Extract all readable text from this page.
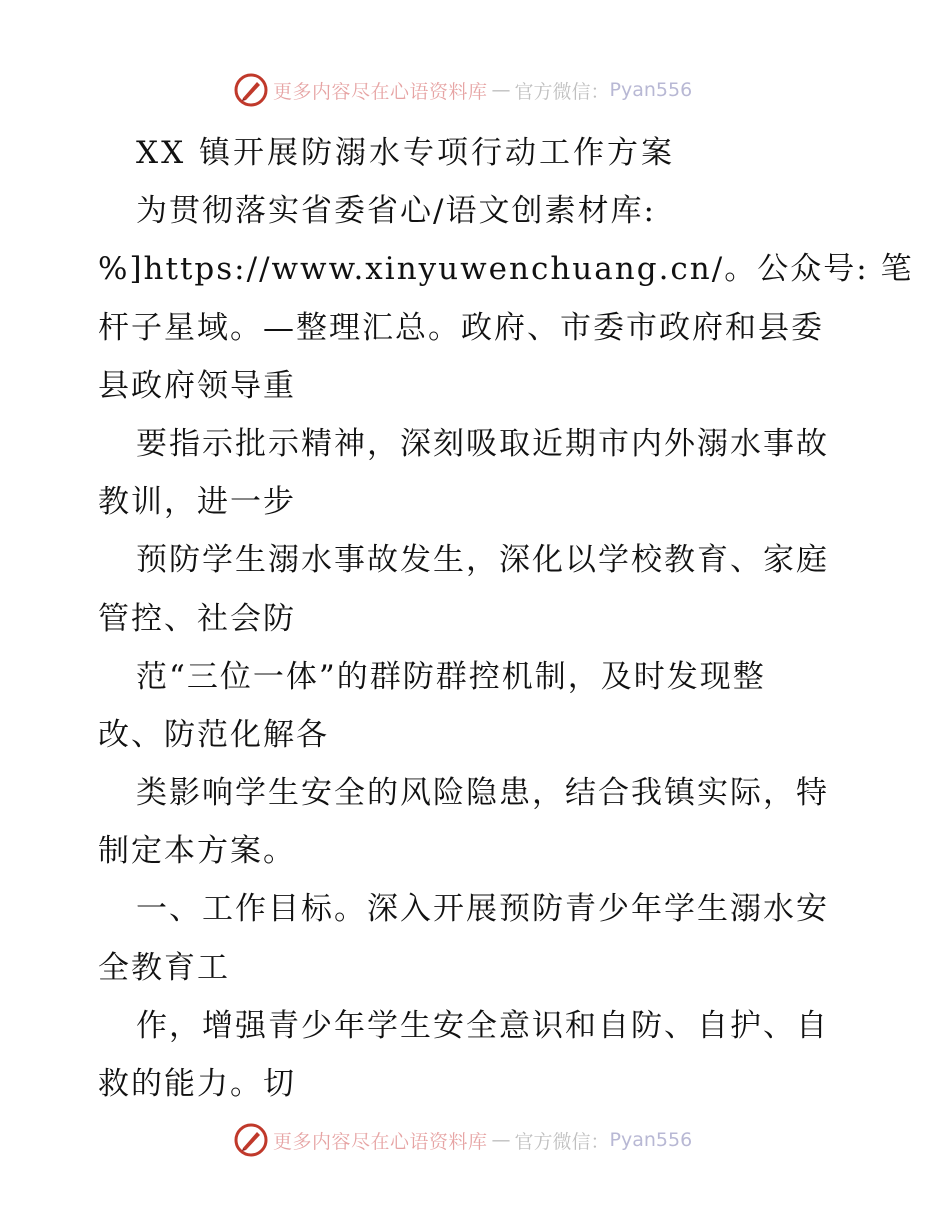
更多内容尽在心语资料库 — 官方微信： Pyan556
XX 镇开展防溺水专项行动工作方案
为贯彻落实省委省心/语文创素材库:
%]https://www.xinyuwenchuang.cn/。公众号: 笔
杆子星域。—整理汇总。政府、市委市政府和县委
县政府领导重
要指示批示精神，深刻吸取近期市内外溺水事故
教训，进一步
预防学生溺水事故发生，深化以学校教育、家庭
管控、社会防
范“三位一体”的群防群控机制，及时发现整
改、防范化解各
类影响学生安全的风险隐患，结合我镇实际，特
制定本方案。
一、工作目标。深入开展预防青少年学生溺水安
全教育工
作，增强青少年学生安全意识和自防、自护、自
救的能力。切
更多内容尽在心语资料库 — 官方微信： Pyan556
